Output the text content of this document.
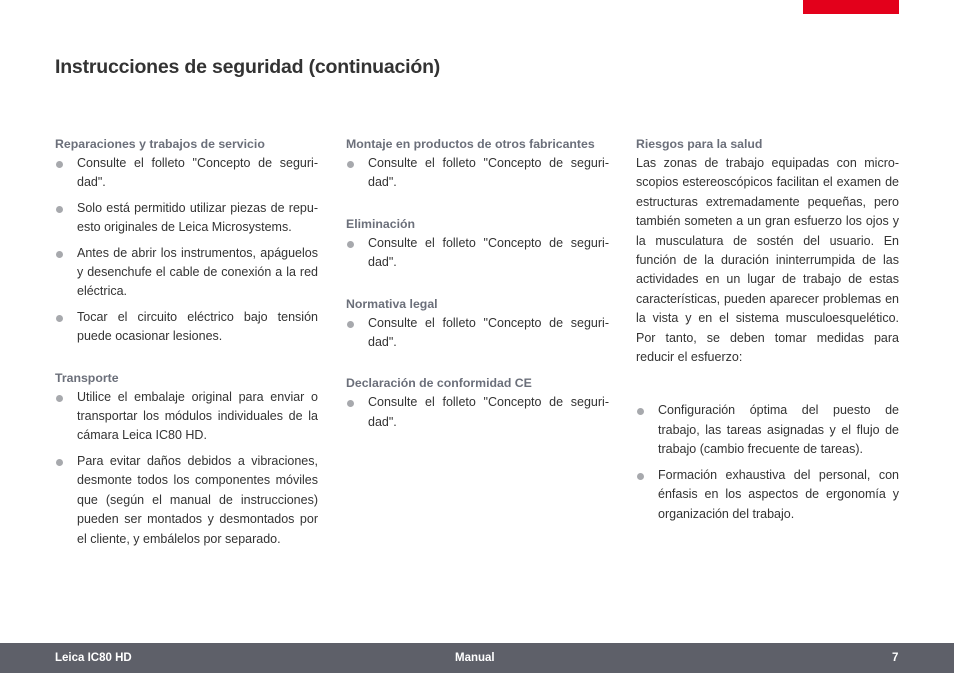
Instrucciones de seguridad (continuación)
Reparaciones y trabajos de servicio
Consulte el folleto "Concepto de seguridad".
Solo está permitido utilizar piezas de repuesto originales de Leica Microsystems.
Antes de abrir los instrumentos, apáguelos y desenchufe el cable de conexión a la red eléctrica.
Tocar el circuito eléctrico bajo tensión puede ocasionar lesiones.
Transporte
Utilice el embalaje original para enviar o transportar los módulos individuales de la cámara Leica IC80 HD.
Para evitar daños debidos a vibraciones, desmonte todos los componentes móviles que (según el manual de instrucciones) pueden ser montados y desmontados por el cliente, y embálelos por separado.
Montaje en productos de otros fabricantes
Consulte el folleto "Concepto de seguridad".
Eliminación
Consulte el folleto "Concepto de seguridad".
Normativa legal
Consulte el folleto "Concepto de seguridad".
Declaración de conformidad CE
Consulte el folleto "Concepto de seguridad".
Riesgos para la salud
Las zonas de trabajo equipadas con microscopios estereoscópicos facilitan el examen de estructuras extremadamente pequeñas, pero también someten a un gran esfuerzo los ojos y la musculatura de sostén del usuario. En función de la duración ininterrumpida de las actividades en un lugar de trabajo de estas características, pueden aparecer problemas en la vista y en el sistema musculoesquelético. Por tanto, se deben tomar medidas para reducir el esfuerzo:
Configuración óptima del puesto de trabajo, las tareas asignadas y el flujo de trabajo (cambio frecuente de tareas).
Formación exhaustiva del personal, con énfasis en los aspectos de ergonomía y organización del trabajo.
Leica IC80 HD	Manual	7
